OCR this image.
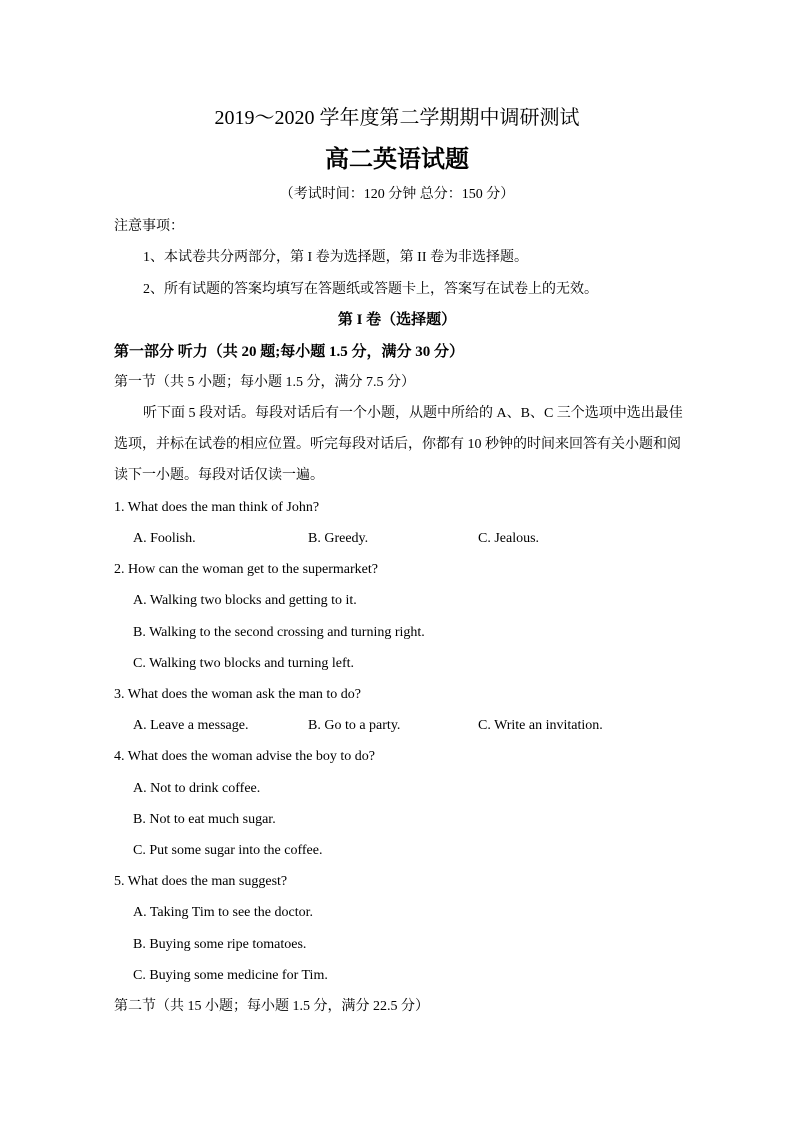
2019～2020 学年度第二学期期中调研测试
高二英语试题
（考试时间：120 分钟 总分：150 分）
注意事项：
1、本试卷共分两部分，第 I 卷为选择题，第 II 卷为非选择题。
2、所有试题的答案均填写在答题纸或答题卡上，答案写在试卷上的无效。
第 I 卷（选择题）
第一部分 听力（共 20 题;每小题 1.5 分，满分 30 分）
第一节（共 5 小题；每小题 1.5 分，满分 7.5 分）
听下面 5 段对话。每段对话后有一个小题，从题中所给的 A、B、C 三个选项中选出最佳
选项，并标在试卷的相应位置。听完每段对话后，你都有 10 秒钟的时间来回答有关小题和阅
读下一小题。每段对话仅读一遍。
1. What does the man think of John?
A. Foolish.	B. Greedy.	C. Jealous.
2. How can the woman get to the supermarket?
A. Walking two blocks and getting to it.
B. Walking to the second crossing and turning right.
C. Walking two blocks and turning left.
3. What does the woman ask the man to do?
A. Leave a message.	B. Go to a party.	C. Write an invitation.
4. What does the woman advise the boy to do?
A. Not to drink coffee.
B. Not to eat much sugar.
C. Put some sugar into the coffee.
5. What does the man suggest?
A. Taking Tim to see the doctor.
B. Buying some ripe tomatoes.
C. Buying some medicine for Tim.
第二节（共 15 小题；每小题 1.5 分，满分 22.5 分）
